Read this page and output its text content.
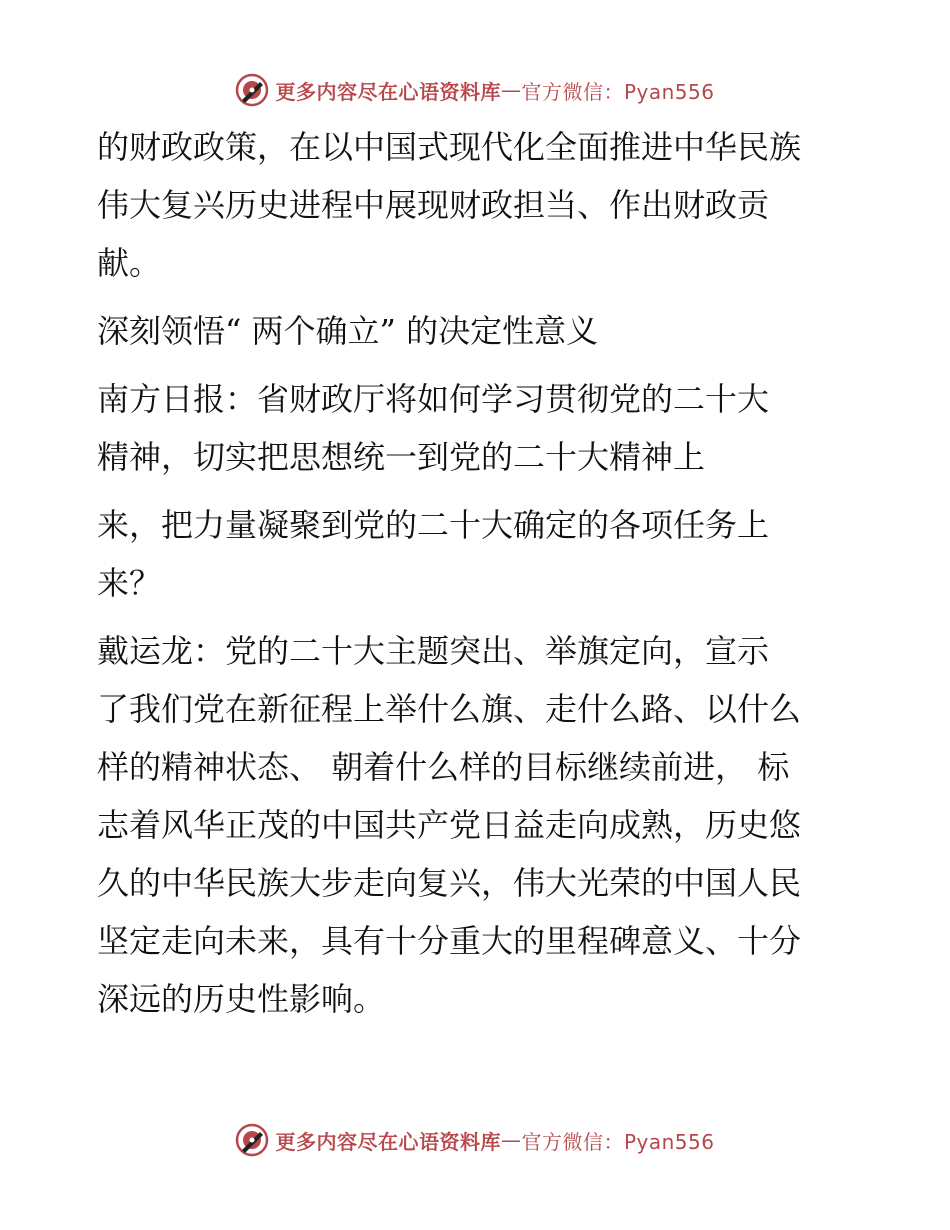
更多内容尽在心语资料库 — 官方微信：Pyan556

的财政政策，在以中国式现代化全面推进中华民族

伟大复兴历史进程中展现财政担当、作出财政贡

献。

深刻领悟“ 两个确立” 的决定性意义

南方日报：省财政厅将如何学习贯彻党的二十大

精神，切实把思想统一到党的二十大精神上

来，把力量凝聚到党的二十大确定的各项任务上

来？

戴运龙：党的二十大主题突出、举旗定向，宣示

了我们党在新征程上举什么旗、走什么路、以什么

样的精神状态、 朝着什么样的目标继续前进， 标

志着风华正茂的中国共产党日益走向成熟，历史悠

久的中华民族大步走向复兴，伟大光荣的中国人民

坚定走向未来，具有十分重大的里程碑意义、十分

深远的历史性影响。

更多内容尽在心语资料库 — 官方微信：Pyan556
